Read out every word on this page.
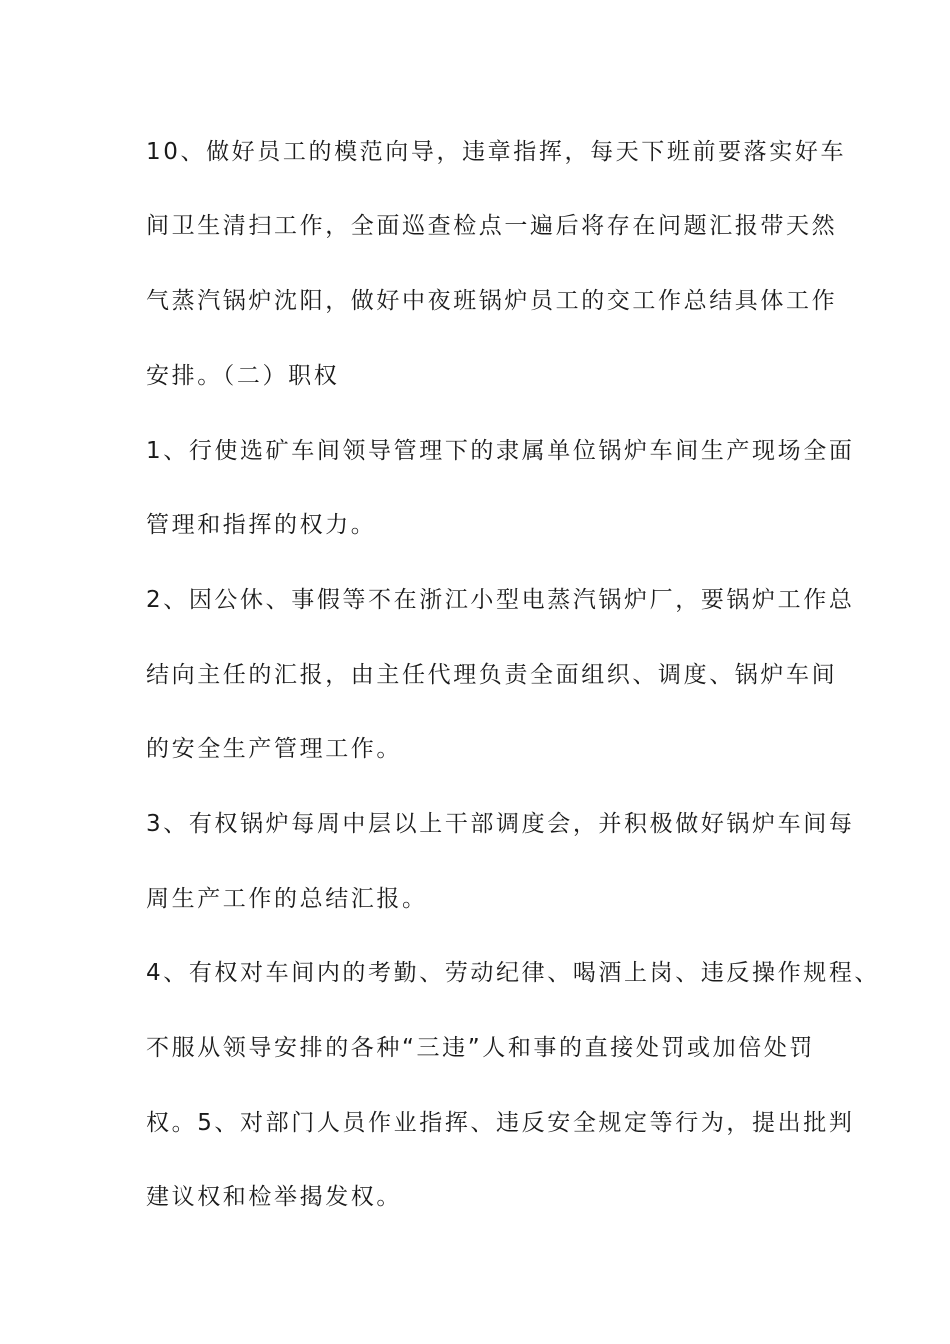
10、做好员工的模范向导，违章指挥，每天下班前要落实好车

间卫生清扫工作，全面巡查检点一遍后将存在问题汇报带天然

气蒸汽锅炉沈阳，做好中夜班锅炉员工的交工作总结具体工作

安排。（二）职权

1、行使选矿车间领导管理下的隶属单位锅炉车间生产现场全面

管理和指挥的权力。

2、因公休、事假等不在浙江小型电蒸汽锅炉厂，要锅炉工作总

结向主任的汇报，由主任代理负责全面组织、调度、锅炉车间

的安全生产管理工作。

3、有权锅炉每周中层以上干部调度会，并积极做好锅炉车间每

周生产工作的总结汇报。

4、有权对车间内的考勤、劳动纪律、喝酒上岗、违反操作规程、

不服从领导安排的各种“三违”人和事的直接处罚或加倍处罚

权。5、对部门人员作业指挥、违反安全规定等行为，提出批判

建议权和检举揭发权。
